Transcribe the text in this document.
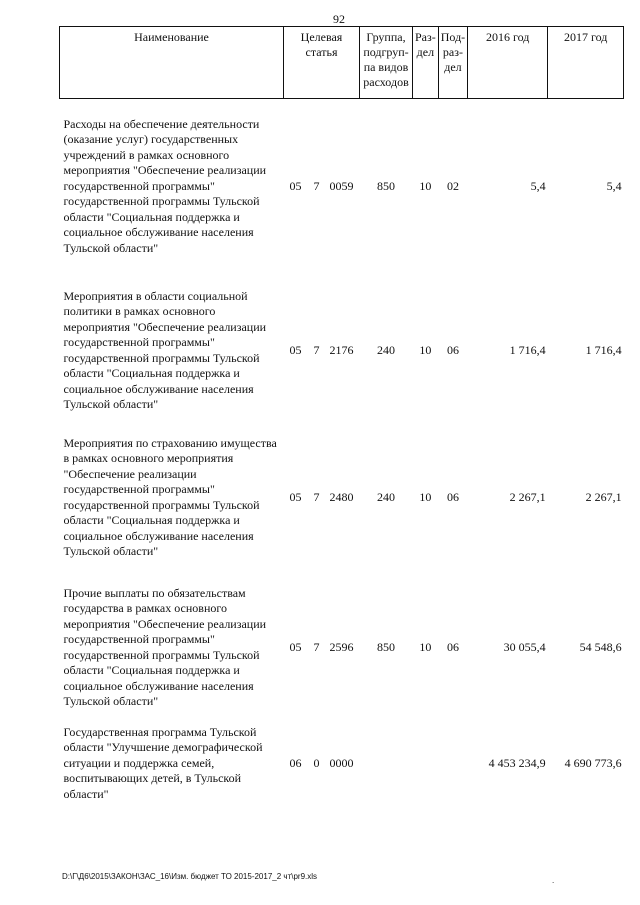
92
Наименование	Целевая статья	Группа, подгруп-па видов расходов	Раз-дел	Под-раз-дел	2016 год	2017 год

Расходы на обеспечение деятельности (оказание услуг) государственных учреждений в рамках основного мероприятия "Обеспечение реализации государственной программы" государственной программы Тульской области "Социальная поддержка и социальное обслуживание населения Тульской области"	05 7 0059	850	10	02	5,4	5,4

Мероприятия в области социальной политики в рамках основного мероприятия "Обеспечение реализации государственной программы" государственной программы Тульской области "Социальная поддержка и социальное обслуживание населения Тульской области"	05 7 2176	240	10	06	1 716,4	1 716,4

Мероприятия по страхованию имущества в рамках основного мероприятия "Обеспечение реализации государственной программы" государственной программы Тульской области "Социальная поддержка и социальное обслуживание населения Тульской области"	05 7 2480	240	10	06	2 267,1	2 267,1

Прочие выплаты по обязательствам государства в рамках основного мероприятия "Обеспечение реализации государственной программы" государственной программы Тульской области "Социальная поддержка и социальное обслуживание населения Тульской области"	05 7 2596	850	10	06	30 055,4	54 548,6

Государственная программа Тульской области "Улучшение демографической ситуации и поддержка семей, воспитывающих детей, в Тульской области"	06 0 0000				4 453 234,9	4 690 773,6
D:\Г\Д6\2015\ЗАКОН\ЗАС_16\Изм. бюджет ТО 2015-2017_2 чт\pr9.xls	.
